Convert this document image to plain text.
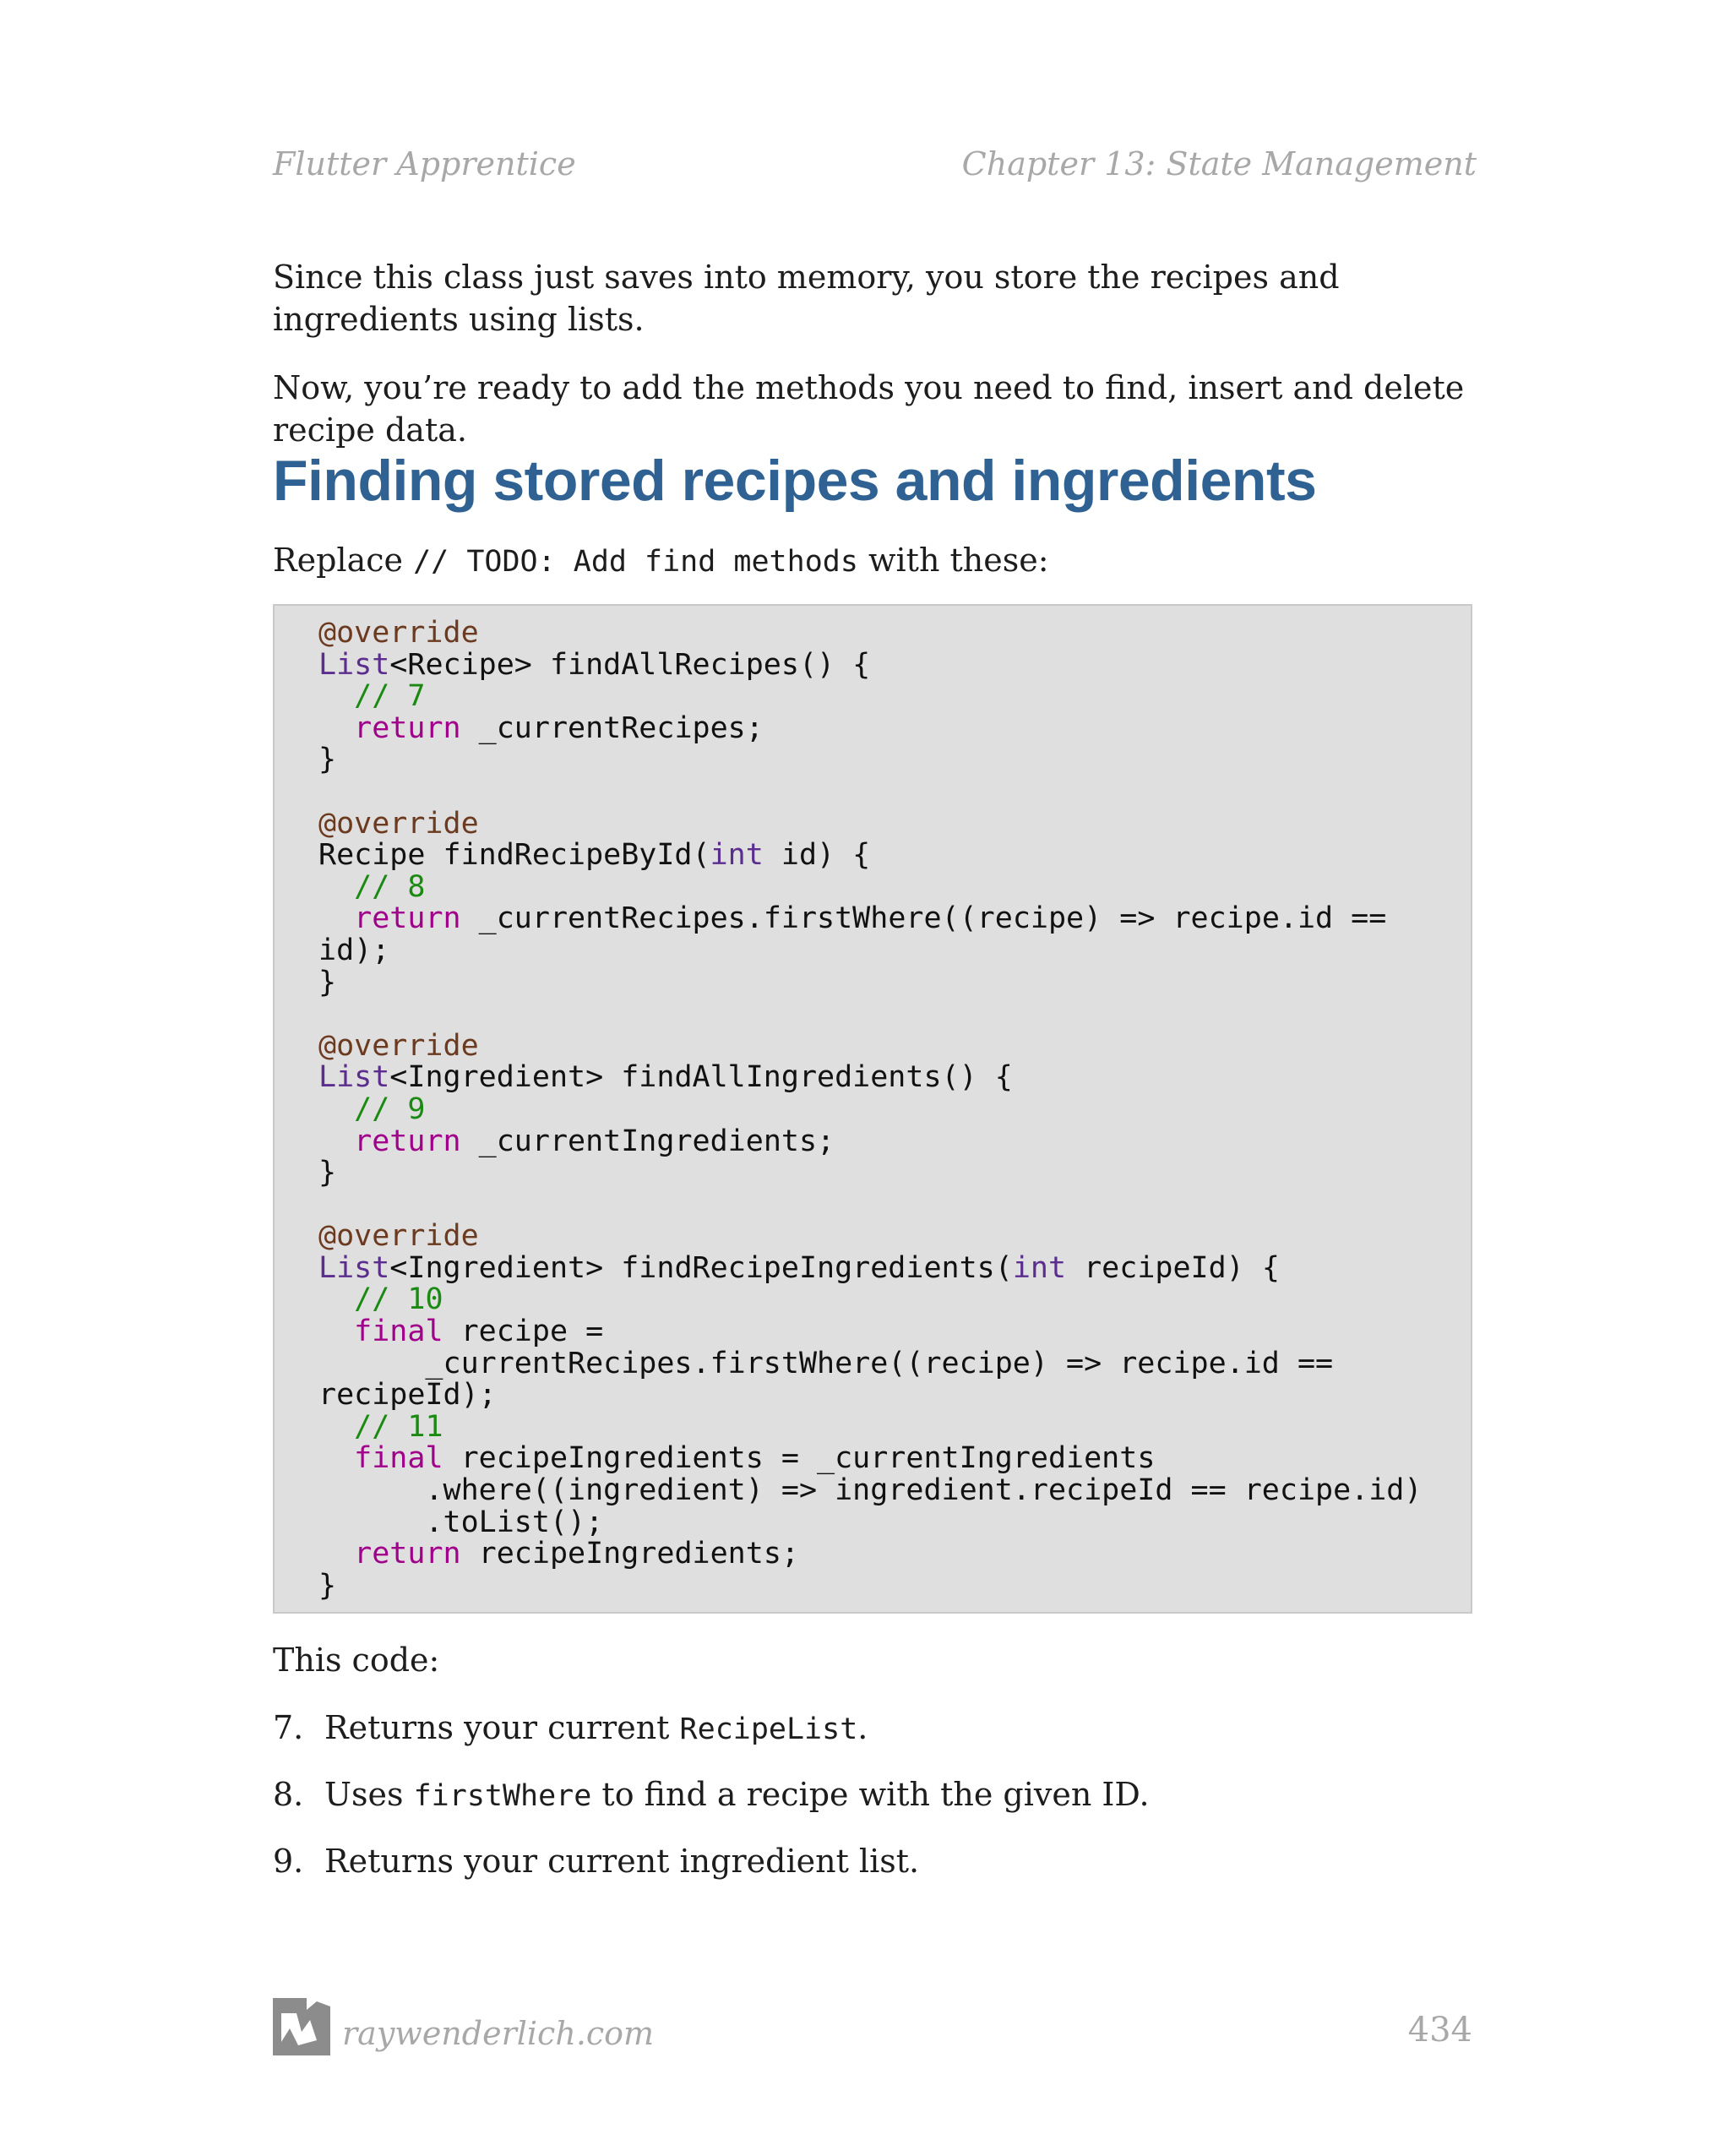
Flutter Apprentice	Chapter 13: State Management

Since this class just saves into memory, you store the recipes and ingredients using lists.

Now, you’re ready to add the methods you need to find, insert and delete recipe data.

Finding stored recipes and ingredients

Replace // TODO: Add find methods with these:

@override
List<Recipe> findAllRecipes() {
// 7
return _currentRecipes;
}

@override
Recipe findRecipeById(int id) {
// 8
return _currentRecipes.firstWhere((recipe) => recipe.id ==
id);
}

@override
List<Ingredient> findAllIngredients() {
// 9
return _currentIngredients;
}

@override
List<Ingredient> findRecipeIngredients(int recipeId) {
// 10
final recipe =
_currentRecipes.firstWhere((recipe) => recipe.id ==
recipeId);
// 11
final recipeIngredients = _currentIngredients
.where((ingredient) => ingredient.recipeId == recipe.id)
.toList();
return recipeIngredients;
}

This code:

7. Returns your current RecipeList.
8. Uses firstWhere to find a recipe with the given ID.
9. Returns your current ingredient list.
raywenderlich.com	434
